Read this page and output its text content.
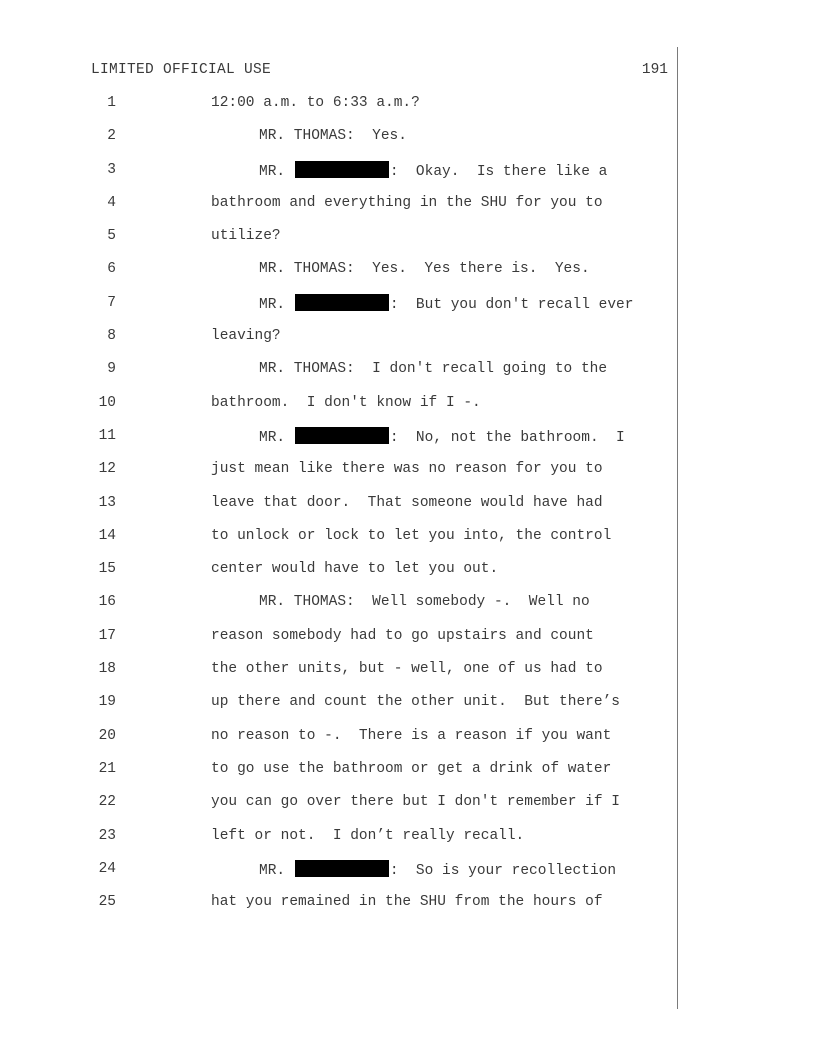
LIMITED OFFICIAL USE	191
1	12:00 a.m. to 6:33 a.m.?
2	MR. THOMAS:  Yes.
3	MR.	:  Okay.  Is there like a
4	bathroom and everything in the SHU for you to
5	utilize?
6	MR. THOMAS:  Yes.  Yes there is.  Yes.
7	MR.	:  But you don't recall ever
8	leaving?
9	MR. THOMAS:  I don't recall going to the
10	bathroom.  I don't know if I -.
11	MR.	:  No, not the bathroom.  I
12	just mean like there was no reason for you to
13	leave that door.  That someone would have had
14	to unlock or lock to let you into, the control
15	center would have to let you out.
16	MR. THOMAS:  Well somebody -.  Well no
17	reason somebody had to go upstairs and count
18	the other units, but - well, one of us had to
19	up there and count the other unit.  But there’s
20	no reason to -.  There is a reason if you want
21	to go use the bathroom or get a drink of water
22	you can go over there but I don't remember if I
23	left or not.  I don’t really recall.
24	MR.	:  So is your recollection
25	hat you remained in the SHU from the hours of
